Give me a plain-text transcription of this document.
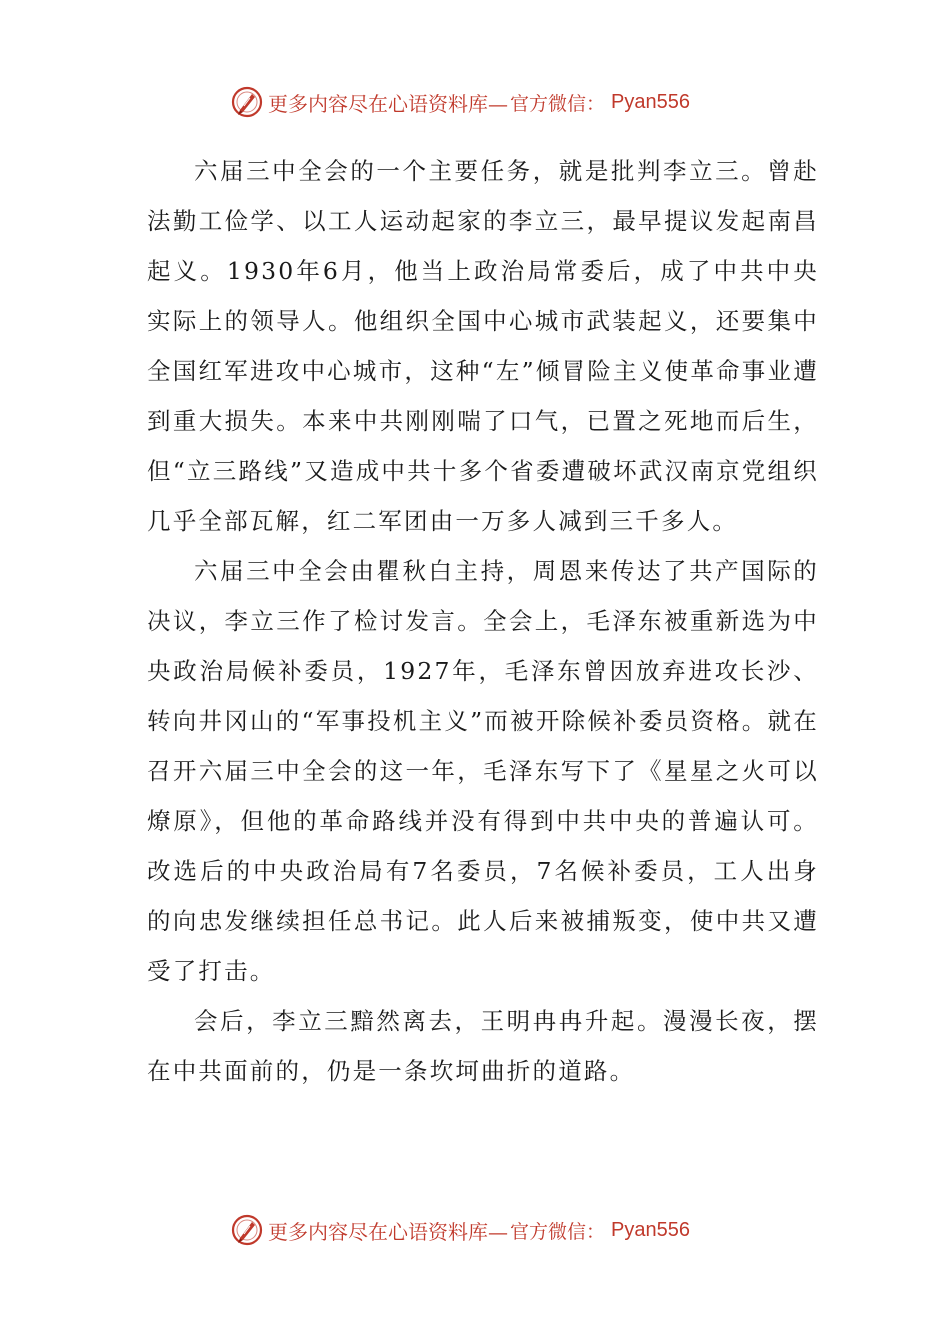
更多内容尽在心语资料库— 官方微信： Pyan556

六届三中全会的一个主要任务，就是批判李立三。曾赴法勤工俭学、以工人运动起家的李立三，最早提议发起南昌起义。1930年6月，他当上政治局常委后，成了中共中央实际上的领导人。他组织全国中心城市武装起义，还要集中全国红军进攻中心城市，这种“左”倾冒险主义使革命事业遭到重大损失。本来中共刚刚喘了口气，已置之死地而后生，但“立三路线”又造成中共十多个省委遭破坏武汉南京党组织几乎全部瓦解，红二军团由一万多人减到三千多人。

六届三中全会由瞿秋白主持，周恩来传达了共产国际的决议，李立三作了检讨发言。全会上，毛泽东被重新选为中央政治局候补委员，1927年，毛泽东曾因放弃进攻长沙、转向井冈山的“军事投机主义”而被开除候补委员资格。就在召开六届三中全会的这一年，毛泽东写下了《星星之火可以燎原》，但他的革命路线并没有得到中共中央的普遍认可。改选后的中央政治局有7名委员，7名候补委员，工人出身的向忠发继续担任总书记。此人后来被捕叛变，使中共又遭受了打击。

会后，李立三黯然离去，王明冉冉升起。漫漫长夜，摆在中共面前的，仍是一条坎坷曲折的道路。

更多内容尽在心语资料库— 官方微信： Pyan556
